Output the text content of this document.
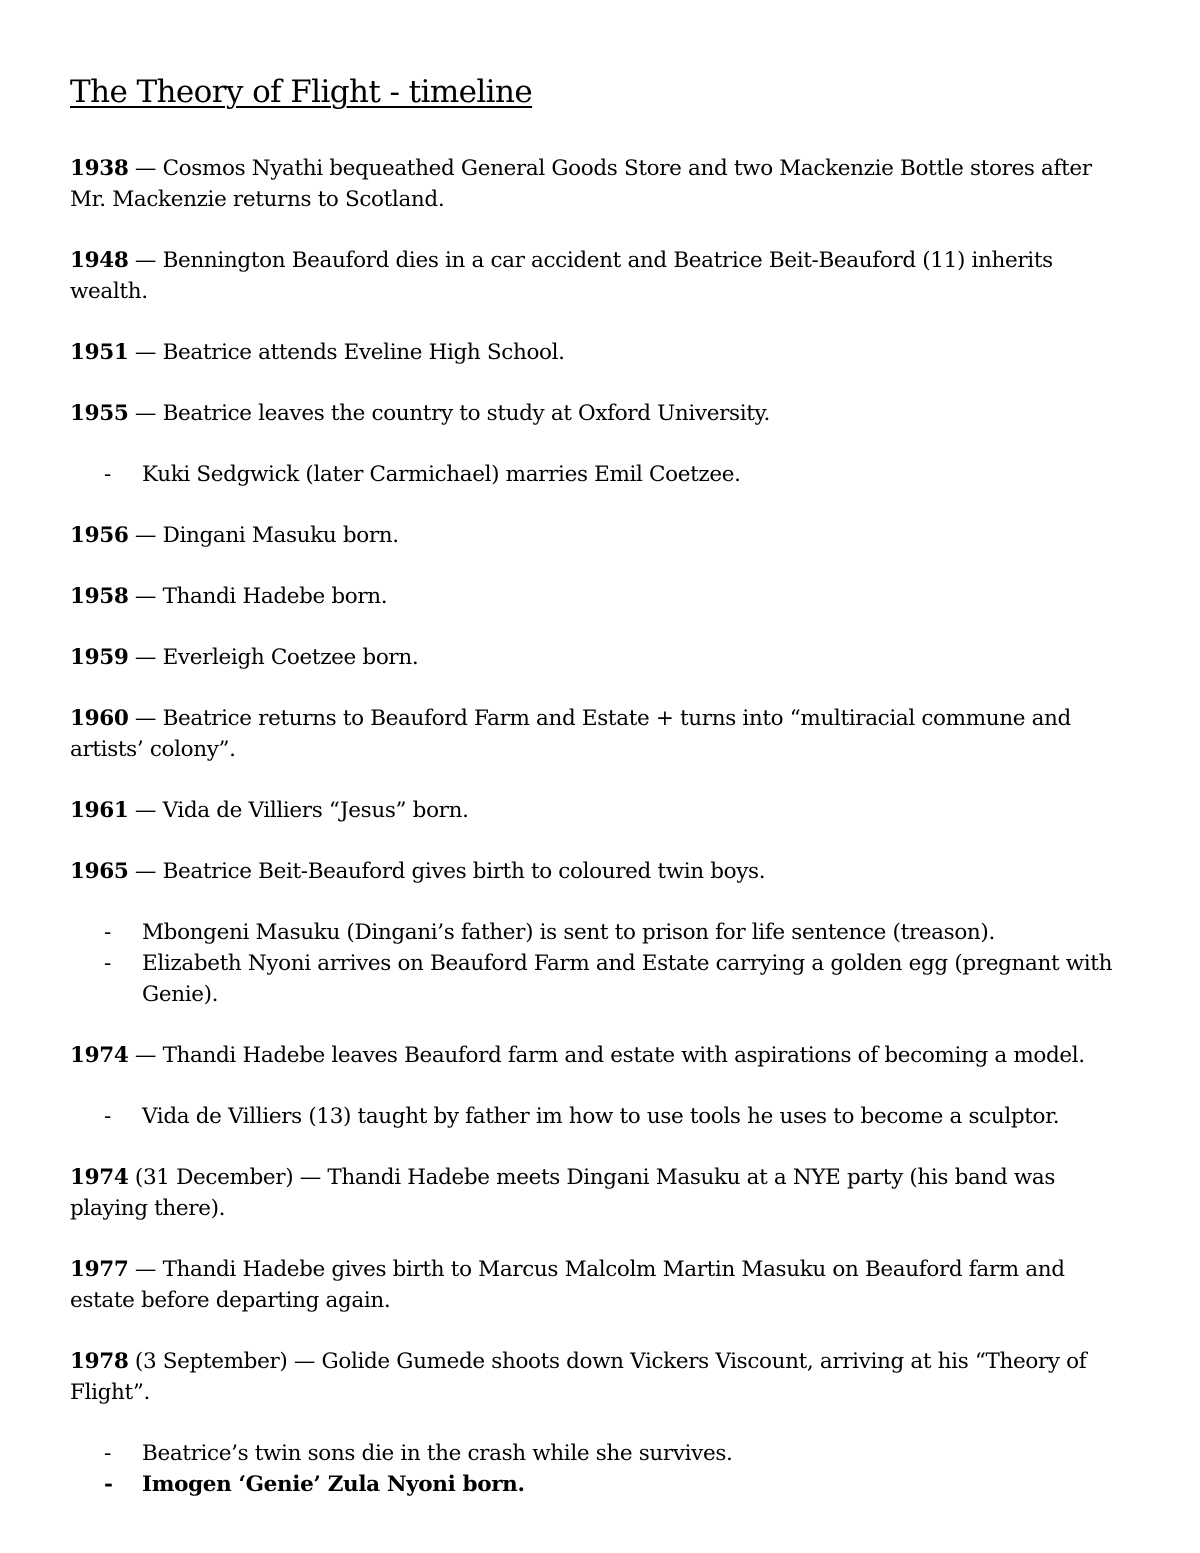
The Theory of Flight - timeline

1938 — Cosmos Nyathi bequeathed General Goods Store and two Mackenzie Bottle stores after Mr. Mackenzie returns to Scotland.

1948 — Bennington Beauford dies in a car accident and Beatrice Beit-Beauford (11) inherits wealth.

1951 — Beatrice attends Eveline High School.

1955 — Beatrice leaves the country to study at Oxford University.

- Kuki Sedgwick (later Carmichael) marries Emil Coetzee.

1956 — Dingani Masuku born.

1958 — Thandi Hadebe born.

1959 — Everleigh Coetzee born.

1960 — Beatrice returns to Beauford Farm and Estate + turns into “multiracial commune and artists’ colony”.

1961 — Vida de Villiers “Jesus” born.

1965 — Beatrice Beit-Beauford gives birth to coloured twin boys.

- Mbongeni Masuku (Dingani’s father) is sent to prison for life sentence (treason).
- Elizabeth Nyoni arrives on Beauford Farm and Estate carrying a golden egg (pregnant with Genie).

1974 — Thandi Hadebe leaves Beauford farm and estate with aspirations of becoming a model.

- Vida de Villiers (13) taught by father im how to use tools he uses to become a sculptor.

1974 (31 December) — Thandi Hadebe meets Dingani Masuku at a NYE party (his band was playing there).

1977 — Thandi Hadebe gives birth to Marcus Malcolm Martin Masuku on Beauford farm and estate before departing again.

1978 (3 September) — Golide Gumede shoots down Vickers Viscount, arriving at his “Theory of Flight”.

- Beatrice’s twin sons die in the crash while she survives.
- Imogen ‘Genie’ Zula Nyoni born.
